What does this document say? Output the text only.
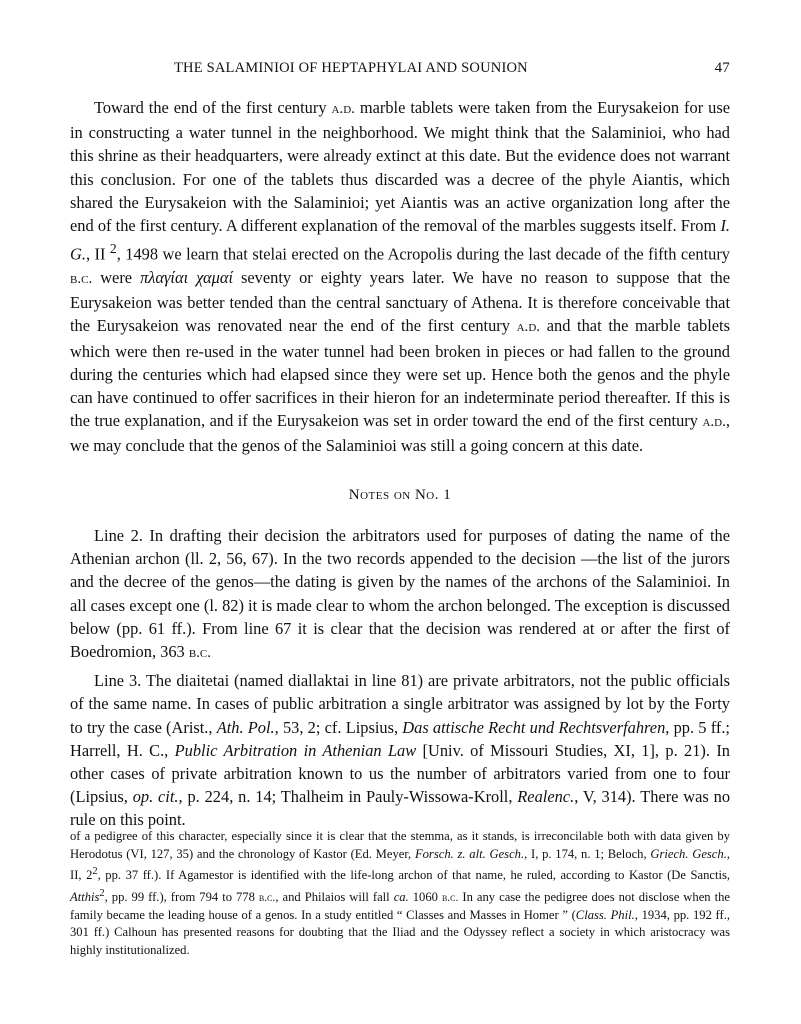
THE SALAMINIOI OF HEPTAPHYLAI AND SOUNION	47

Toward the end of the first century a.d. marble tablets were taken from the Eurysakeion for use in constructing a water tunnel in the neighborhood. We might think that the Salaminioi, who had this shrine as their headquarters, were already extinct at this date. But the evidence does not warrant this conclusion. For one of the tablets thus discarded was a decree of the phyle Aiantis, which shared the Eurysakeion with the Salaminioi; yet Aiantis was an active organization long after the end of the first century. A different explanation of the removal of the marbles suggests itself. From I. G., II $^2$, 1498 we learn that stelai erected on the Acropolis during the last decade of the fifth century b.c. were πλαγίαι χαμαί seventy or eighty years later. We have no reason to suppose that the Eurysakeion was better tended than the central sanctuary of Athena. It is therefore conceivable that the Eurysakeion was renovated near the end of the first century a.d. and that the marble tablets which were then re-used in the water tunnel had been broken in pieces or had fallen to the ground during the centuries which had elapsed since they were set up. Hence both the genos and the phyle can have continued to offer sacrifices in their hieron for an indeterminate period thereafter. If this is the true explanation, and if the Eurysakeion was set in order toward the end of the first century a.d., we may conclude that the genos of the Salaminioi was still a going concern at this date.

Notes on No. 1

Line 2. In drafting their decision the arbitrators used for purposes of dating the name of the Athenian archon (ll. 2, 56, 67). In the two records appended to the decision —the list of the jurors and the decree of the genos—the dating is given by the names of the archons of the Salaminioi. In all cases except one (l. 82) it is made clear to whom the archon belonged. The exception is discussed below (pp. 61 ff.). From line 67 it is clear that the decision was rendered at or after the first of Boedromion, 363 b.c.

Line 3. The diaitetai (named diallaktai in line 81) are private arbitrators, not the public officials of the same name. In cases of public arbitration a single arbitrator was assigned by lot by the Forty to try the case (Arist., Ath. Pol., 53, 2; cf. Lipsius, Das attische Recht und Rechtsverfahren, pp. 5 ff.; Harrell, H. C., Public Arbitration in Athenian Law [Univ. of Missouri Studies, XI, 1], p. 21). In other cases of private arbitration known to us the number of arbitrators varied from one to four (Lipsius, op. cit., p. 224, n. 14; Thalheim in Pauly-Wissowa-Kroll, Realenc., V, 314). There was no rule on this point.

of a pedigree of this character, especially since it is clear that the stemma, as it stands, is irreconcilable both with data given by Herodotus (VI, 127, 35) and the chronology of Kastor (Ed. Meyer, Forsch. z. alt. Gesch., I, p. 174, n. 1; Beloch, Griech. Gesch., II, $2^2$, pp. 37 ff.). If Agamestor is identified with the life-long archon of that name, he ruled, according to Kastor (De Sanctis, Atthis$^2$, pp. 99 ff.), from 794 to 778 b.c., and Philaios will fall ca. 1060 b.c. In any case the pedigree does not disclose when the family became the leading house of a genos. In a study entitled “ Classes and Masses in Homer ” (Class. Phil., 1934, pp. 192 ff., 301 ff.) Calhoun has presented reasons for doubting that the Iliad and the Odyssey reflect a society in which aristocracy was highly institutionalized.
